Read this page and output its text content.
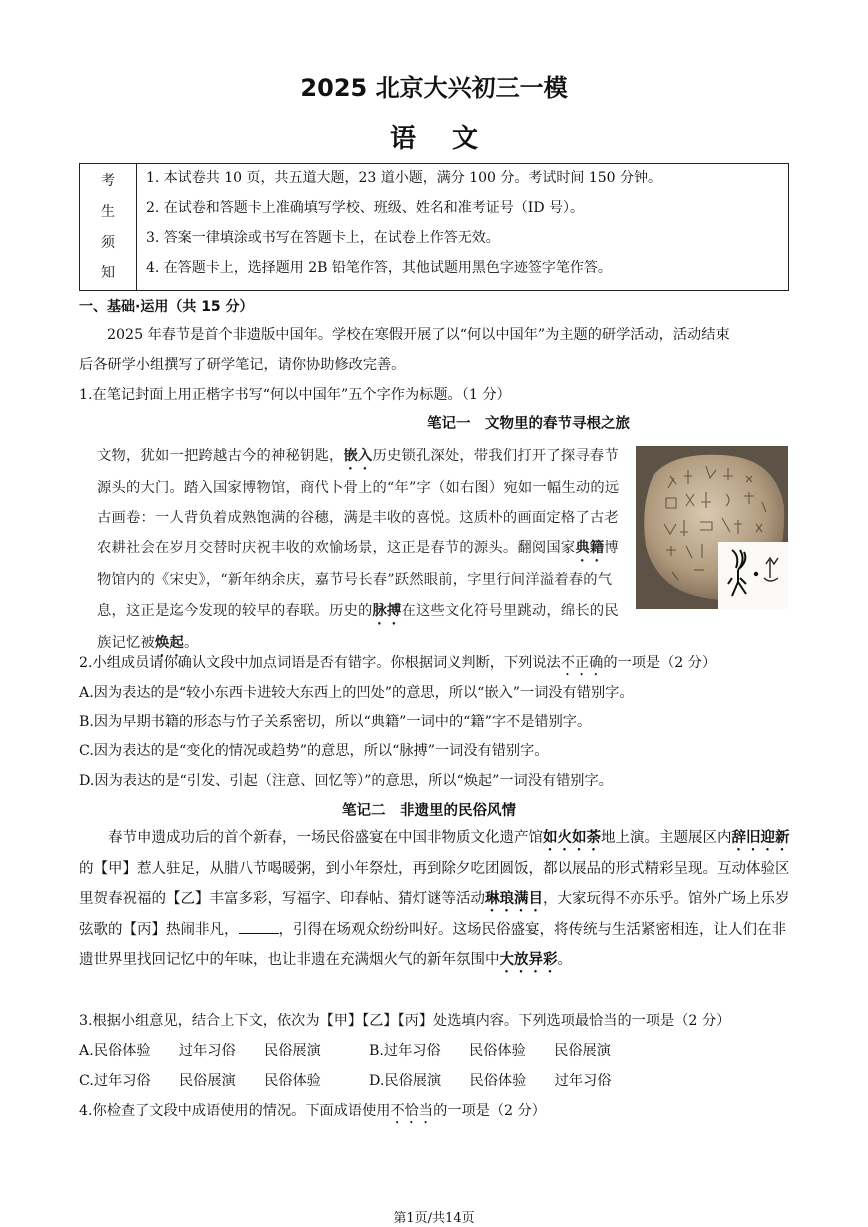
2025 北京大兴初三一模
语文
考
生
须
知
1. 本试卷共 10 页，共五道大题，23 道小题，满分 100 分。考试时间 150 分钟。
2. 在试卷和答题卡上准确填写学校、班级、姓名和准考证号（ID 号）。
3. 答案一律填涂或书写在答题卡上，在试卷上作答无效。
4. 在答题卡上，选择题用 2B 铅笔作答，其他试题用黑色字迹签字笔作答。
一、基础·运用（共 15 分）
2025 年春节是首个非遗版中国年。学校在寒假开展了以“何以中国年”为主题的研学活动，活动结束
后各研学小组撰写了研学笔记，请你协助修改完善。
1.在笔记封面上用正楷字书写“何以中国年”五个字作为标题。（1 分）
笔记一　文物里的春节寻根之旅
文物，犹如一把跨越古今的神秘钥匙，嵌入历史锁孔深处，带我们打开了探寻春节源头的大门。踏入国家博物馆，商代卜骨上的“年”字（如右图）宛如一幅生动的远古画卷：一人背负着成熟饱满的谷穗，满是丰收的喜悦。这质朴的画面定格了古老农耕社会在岁月交替时庆祝丰收的欢愉场景，这正是春节的源头。翻阅国家典籍博物馆内的《宋史》，“新年纳余庆，嘉节号长春”跃然眼前，字里行间洋溢着春的气息，这正是迄今发现的较早的春联。历史的脉搏在这些文化符号里跳动，绵长的民族记忆被焕起。
2.小组成员请你确认文段中加点词语是否有错字。你根据词义判断，下列说法不正确的一项是（2 分）
A.因为表达的是“较小东西卡进较大东西上的凹处”的意思，所以“嵌入”一词没有错别字。
B.因为早期书籍的形态与竹子关系密切，所以“典籍”一词中的“籍”字不是错别字。
C.因为表达的是“变化的情况或趋势”的意思，所以“脉搏”一词没有错别字。
D.因为表达的是“引发、引起（注意、回忆等）”的意思，所以“焕起”一词没有错别字。
笔记二　非遗里的民俗风情
春节申遗成功后的首个新春，一场民俗盛宴在中国非物质文化遗产馆如火如荼地上演。主题展区内辞旧迎新的【甲】惹人驻足，从腊八节喝暖粥，到小年祭灶，再到除夕吃团圆饭，都以展品的形式精彩呈现。互动体验区里贺春祝福的【乙】丰富多彩，写福字、印春帖、猜灯谜等活动琳琅满目，大家玩得不亦乐乎。馆外广场上乐岁弦歌的【丙】热闹非凡，	，引得在场观众纷纷叫好。这场民俗盛宴，将传统与生活紧密相连，让人们在非遗世界里找回记忆中的年味，也让非遗在充满烟火气的新年氛围中大放异彩。
3.根据小组意见，结合上下文，依次为【甲】【乙】【丙】处选填内容。下列选项最恰当的一项是（2 分）
A.民俗体验　　过年习俗　　民俗展演	B.过年习俗　　民俗体验　　民俗展演
C.过年习俗　　民俗展演　　民俗体验	D.民俗展演　　民俗体验　　过年习俗
4.你检查了文段中成语使用的情况。下面成语使用不恰当的一项是（2 分）
第1页/共14页
